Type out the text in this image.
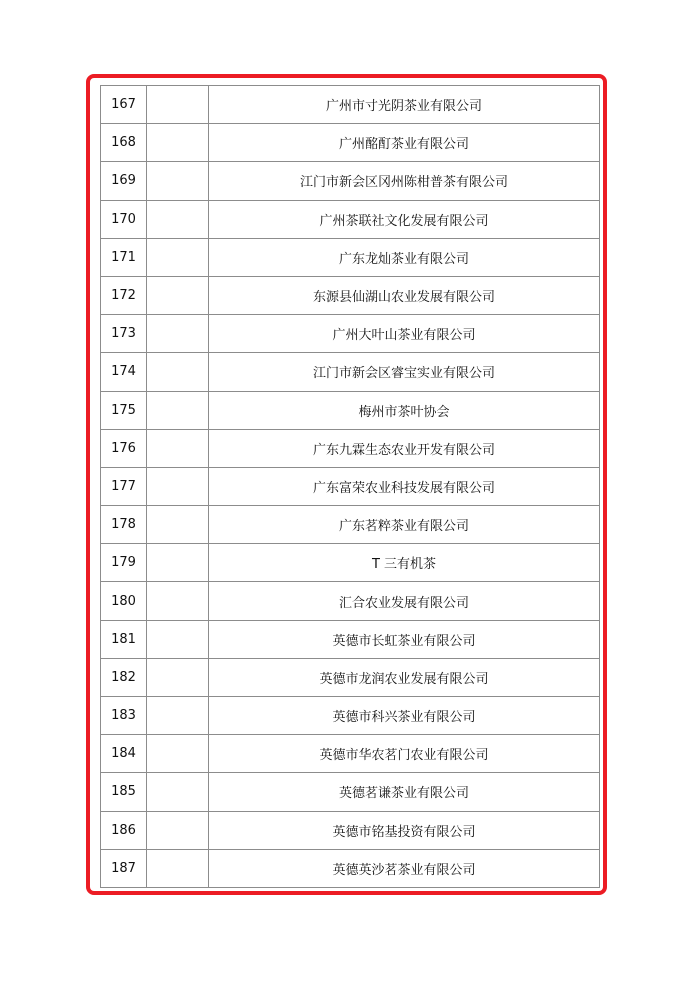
167		广州市寸光阴茶业有限公司
168		广州酩酊茶业有限公司
169		江门市新会区冈州陈柑普茶有限公司
170		广州茶联社文化发展有限公司
171		广东龙灿茶业有限公司
172		东源县仙湖山农业发展有限公司
173		广州大叶山茶业有限公司
174		江门市新会区睿宝实业有限公司
175		梅州市茶叶协会
176		广东九霖生态农业开发有限公司
177		广东富荣农业科技发展有限公司
178		广东茗粹茶业有限公司
179		T 三有机茶
180		汇合农业发展有限公司
181		英德市长虹茶业有限公司
182		英德市龙润农业发展有限公司
183		英德市科兴茶业有限公司
184		英德市华农茗门农业有限公司
185		英德茗谦茶业有限公司
186		英德市铭基投资有限公司
187		英德英沙茗茶业有限公司
